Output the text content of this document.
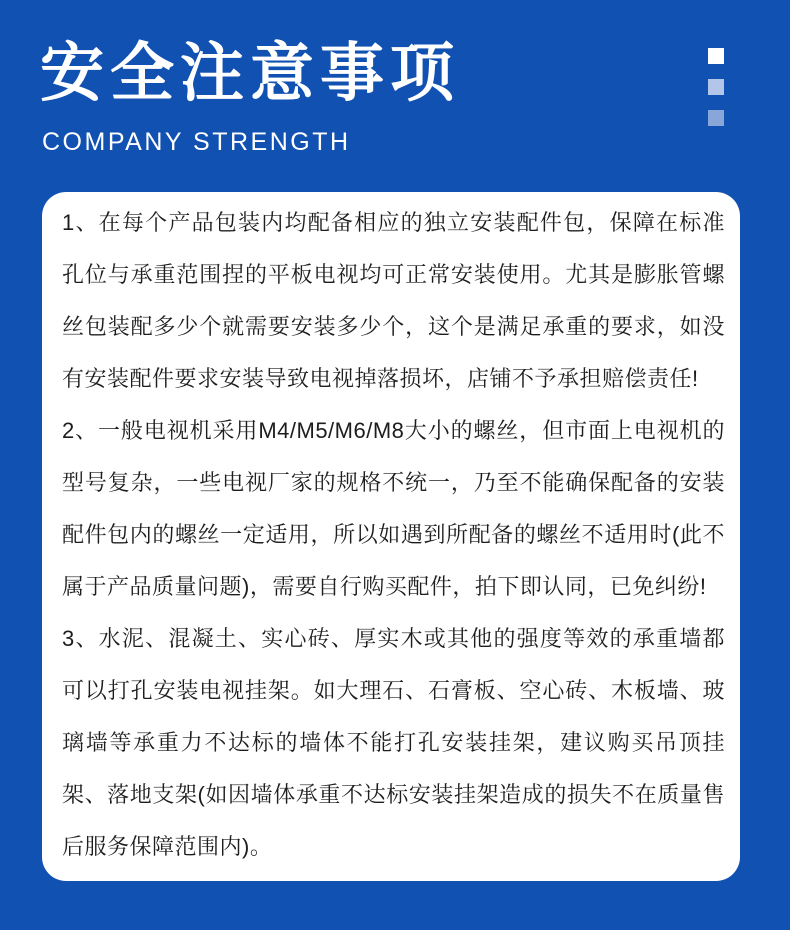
安全注意事项
COMPANY STRENGTH

1、在每个产品包装内均配备相应的独立安装配件包，保障在标准孔位与承重范围捏的平板电视均可正常安装使用。尤其是膨胀管螺丝包装配多少个就需要安装多少个，这个是满足承重的要求，如没有安装配件要求安装导致电视掉落损坏，店铺不予承担赔偿责任!

2、一般电视机采用M4/M5/M6/M8大小的螺丝，但市面上电视机的型号复杂，一些电视厂家的规格不统一，乃至不能确保配备的安装配件包内的螺丝一定适用，所以如遇到所配备的螺丝不适用时(此不属于产品质量问题)，需要自行购买配件，拍下即认同，已免纠纷!

3、水泥、混凝土、实心砖、厚实木或其他的强度等效的承重墙都可以打孔安装电视挂架。如大理石、石膏板、空心砖、木板墙、玻璃墙等承重力不达标的墙体不能打孔安装挂架，建议购买吊顶挂架、落地支架(如因墙体承重不达标安装挂架造成的损失不在质量售后服务保障范围内)。
